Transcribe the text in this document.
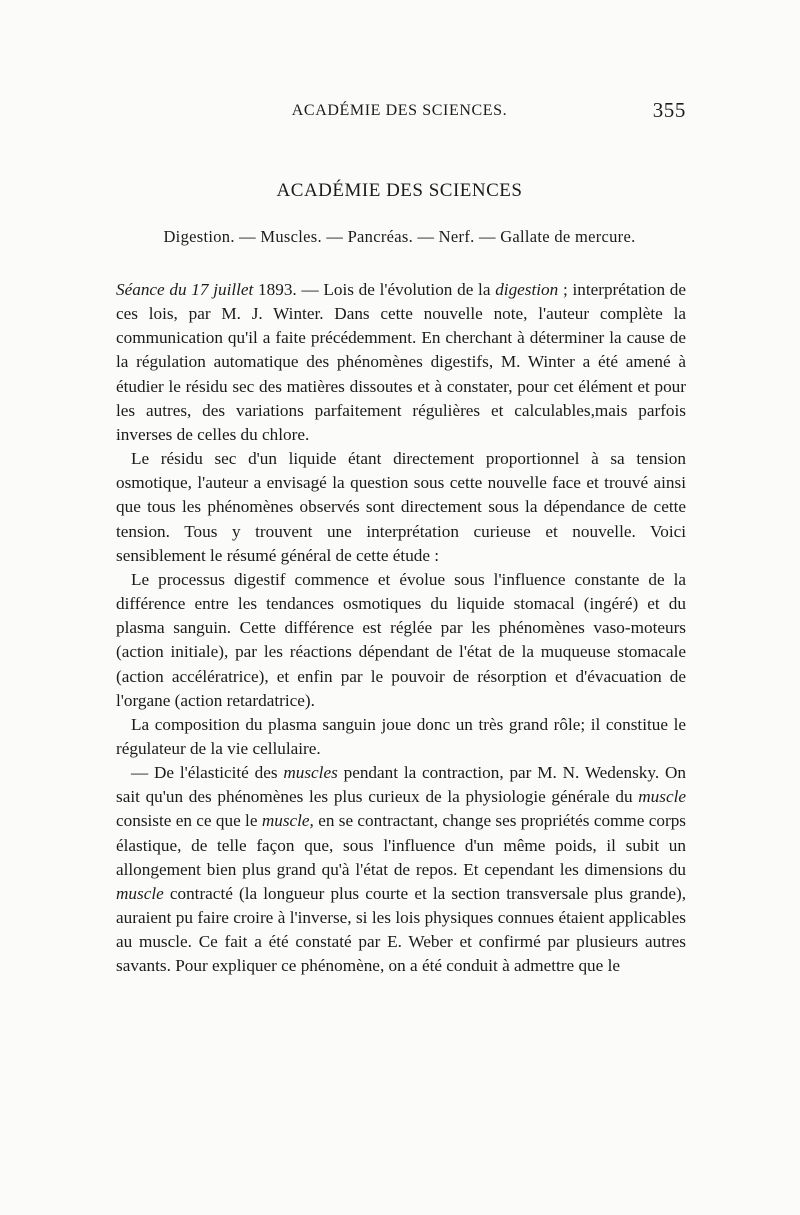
ACADÉMIE DES SCIENCES.	355
ACADÉMIE DES SCIENCES
Digestion. — Muscles. — Pancréas. — Nerf. — Gallate de mercure.

Séance du 17 juillet 1893. — Lois de l'évolution de la digestion ; interprétation de ces lois, par M. J. Winter. Dans cette nouvelle note, l'auteur complète la communication qu'il a faite précédemment. En cherchant à déterminer la cause de la régulation automatique des phénomènes digestifs, M. Winter a été amené à étudier le résidu sec des matières dissoutes et à constater, pour cet élément et pour les autres, des variations parfaitement régulières et calculables,mais parfois inverses de celles du chlore.

Le résidu sec d'un liquide étant directement proportionnel à sa tension osmotique, l'auteur a envisagé la question sous cette nouvelle face et trouvé ainsi que tous les phénomènes observés sont directement sous la dépendance de cette tension. Tous y trouvent une interprétation curieuse et nouvelle. Voici sensiblement le résumé général de cette étude :

Le processus digestif commence et évolue sous l'influence constante de la différence entre les tendances osmotiques du liquide stomacal (ingéré) et du plasma sanguin. Cette différence est réglée par les phénomènes vaso-moteurs (action initiale), par les réactions dépendant de l'état de la muqueuse stomacale (action accélératrice), et enfin par le pouvoir de résorption et d'évacuation de l'organe (action retardatrice).

La composition du plasma sanguin joue donc un très grand rôle; il constitue le régulateur de la vie cellulaire.

— De l'élasticité des muscles pendant la contraction, par M. N. Wedensky. On sait qu'un des phénomènes les plus curieux de la physiologie générale du muscle consiste en ce que le muscle, en se contractant, change ses propriétés comme corps élastique, de telle façon que, sous l'influence d'un même poids, il subit un allongement bien plus grand qu'à l'état de repos. Et cependant les dimensions du muscle contracté (la longueur plus courte et la section transversale plus grande), auraient pu faire croire à l'inverse, si les lois physiques connues étaient applicables au muscle. Ce fait a été constaté par E. Weber et confirmé par plusieurs autres savants. Pour expliquer ce phénomène, on a été conduit à admettre que le
